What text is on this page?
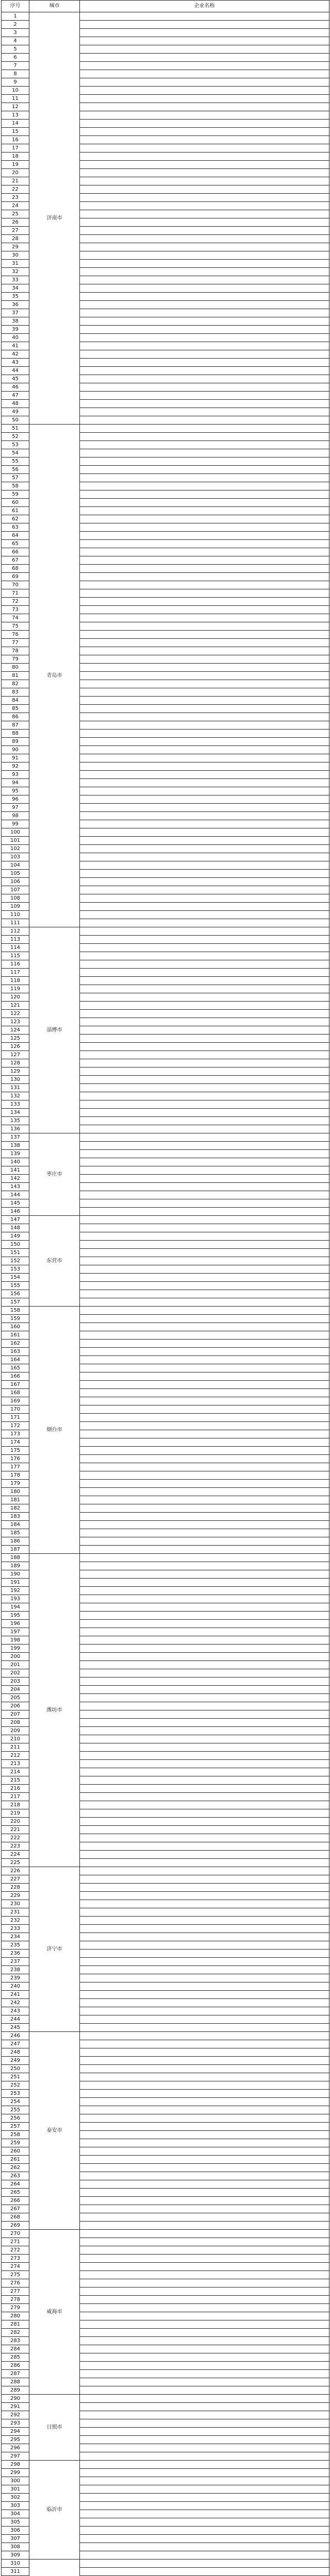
序号	城市	企业名称
1	济南市	
2		
3		
4		
5		
6		
7		
8		
9		
10		
11		
12		
13		
14		
15		
16		
17		
18		
19		
20		
21		
22		
23		
24		
25		
26		
27		
28		
29		
30		
31		
32		
33		
34		
35		
36		
37		
38		
39		
40		
41		
42		
43		
44		
45		
46		
47		
48		
49		
50		
51	青岛市	
52		
53		
54		
55		
56		
57		
58		
59		
60		
61		
62		
63		
64		
65		
66		
67		
68		
69		
70		
71		
72		
73		
74		
75		
76		
77		
78		
79		
80		
81		
82		
83		
84		
85		
86		
87		
88		
89		
90		
91		
92		
93		
94		
95		
96		
97		
98		
99		
100		
101		
102		
103		
104		
105		
106		
107		
108		
109		
110		
111		
112	淄博市	
113		
114		
115		
116		
117		
118		
119		
120		
121		
122		
123		
124		
125		
126		
127		
128		
129		
130		
131		
132		
133		
134		
135		
136		
137	枣庄市	
138		
139		
140		
141		
142		
143		
144		
145		
146		
147	东营市	
148		
149		
150		
151		
152		
153		
154		
155		
156		
157		
158	烟台市	
159		
160		
161		
162		
163		
164		
165		
166		
167		
168		
169		
170		
171		
172		
173		
174		
175		
176		
177		
178		
179		
180		
181		
182		
183		
184		
185		
186		
187		
188	潍坊市	
189		
190		
191		
192		
193		
194		
195		
196		
197		
198		
199		
200		
201		
202		
203		
204		
205		
206		
207		
208		
209		
210		
211		
212		
213		
214		
215		
216		
217		
218		
219		
220		
221		
222		
223		
224		
225		
226	济宁市	
227		
228		
229		
230		
231		
232		
233		
234		
235		
236		
237		
238		
239		
240		
241		
242		
243		
244		
245		
246	泰安市	
247		
248		
249		
250		
251		
252		
253		
254		
255		
256		
257		
258		
259		
260		
261		
262		
263		
264		
265		
266		
267		
268		
269		
270	威海市	
271		
272		
273		
274		
275		
276		
277		
278		
279		
280		
281		
282		
283		
284		
285		
286		
287		
288		
289		
290	日照市	
291		
292		
293		
294		
295		
296		
297		
298	临沂市	
299		
300		
301		
302		
303		
304		
305		
306		
307		
308		
309		
310		
311		
